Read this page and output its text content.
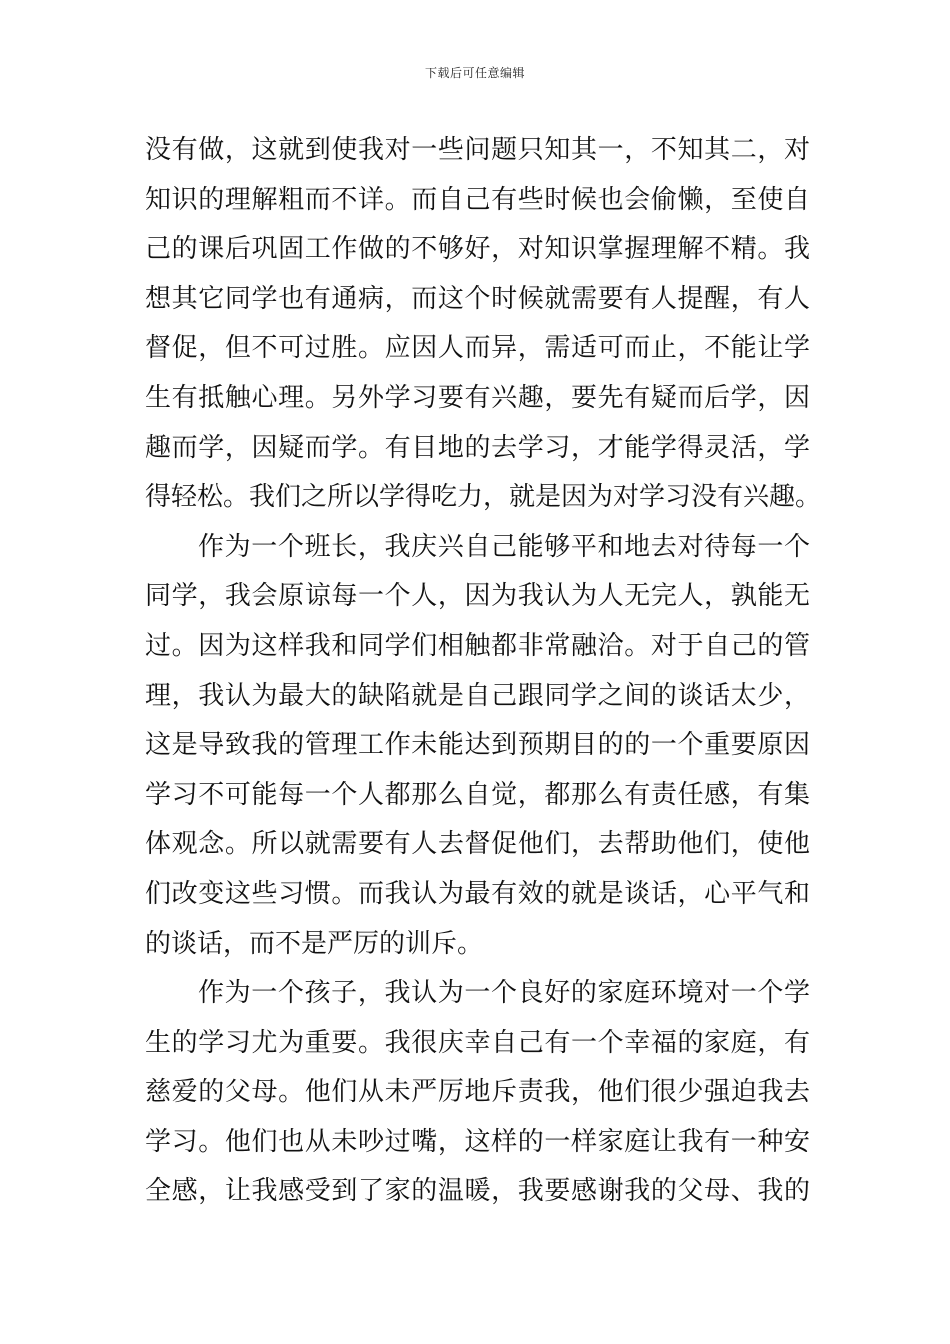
下载后可任意编辑
没有做，这就到使我对一些问题只知其一，不知其二，对
知识的理解粗而不详。而自己有些时候也会偷懒，至使自
己的课后巩固工作做的不够好，对知识掌握理解不精。我
想其它同学也有通病，而这个时候就需要有人提醒，有人
督促，但不可过胜。应因人而异，需适可而止，不能让学
生有抵触心理。另外学习要有兴趣，要先有疑而后学，因
趣而学，因疑而学。有目地的去学习，才能学得灵活，学
得轻松。我们之所以学得吃力，就是因为对学习没有兴趣。
作为一个班长，我庆兴自己能够平和地去对待每一个
同学，我会原谅每一个人，因为我认为人无完人，孰能无
过。因为这样我和同学们相触都非常融洽。对于自己的管
理，我认为最大的缺陷就是自己跟同学之间的谈话太少，
这是导致我的管理工作未能达到预期目的的一个重要原因
学习不可能每一个人都那么自觉，都那么有责任感，有集
体观念。所以就需要有人去督促他们，去帮助他们，使他
们改变这些习惯。而我认为最有效的就是谈话，心平气和
的谈话，而不是严厉的训斥。
作为一个孩子，我认为一个良好的家庭环境对一个学
生的学习尤为重要。我很庆幸自己有一个幸福的家庭，有
慈爱的父母。他们从未严厉地斥责我，他们很少强迫我去
学习。他们也从未吵过嘴，这样的一样家庭让我有一种安
全感，让我感受到了家的温暖，我要感谢我的父母、我的
